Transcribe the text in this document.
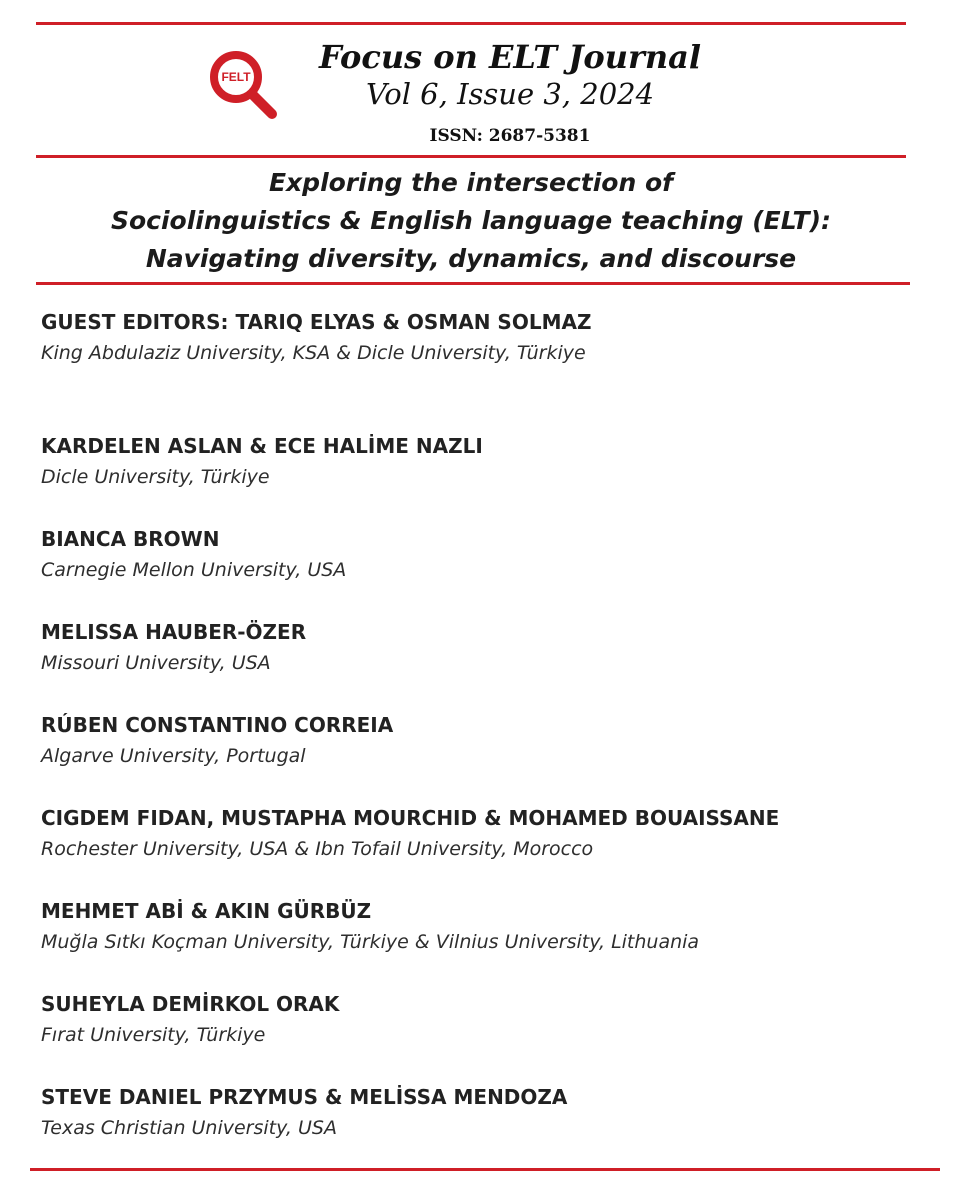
FELT
Focus on ELT Journal
Vol 6, Issue 3, 2024
ISSN: 2687-5381
Exploring the intersection of
Sociolinguistics & English language teaching (ELT):
Navigating diversity, dynamics, and discourse
GUEST EDITORS: TARIQ ELYAS & OSMAN SOLMAZ
King Abdulaziz University, KSA & Dicle University, Türkiye
KARDELEN ASLAN & ECE HALİME NAZLI
Dicle University, Türkiye
BIANCA BROWN
Carnegie Mellon University, USA
MELISSA HAUBER-ÖZER
Missouri University, USA
RÚBEN CONSTANTINO CORREIA
Algarve University, Portugal
CIGDEM FIDAN, MUSTAPHA MOURCHID & MOHAMED BOUAISSANE
Rochester University, USA & Ibn Tofail University, Morocco
MEHMET ABİ & AKIN GÜRBÜZ
Muğla Sıtkı Koçman University, Türkiye & Vilnius University, Lithuania
SUHEYLA DEMİRKOL ORAK
Fırat University, Türkiye
STEVE DANIEL PRZYMUS & MELİSSA MENDOZA
Texas Christian University, USA
